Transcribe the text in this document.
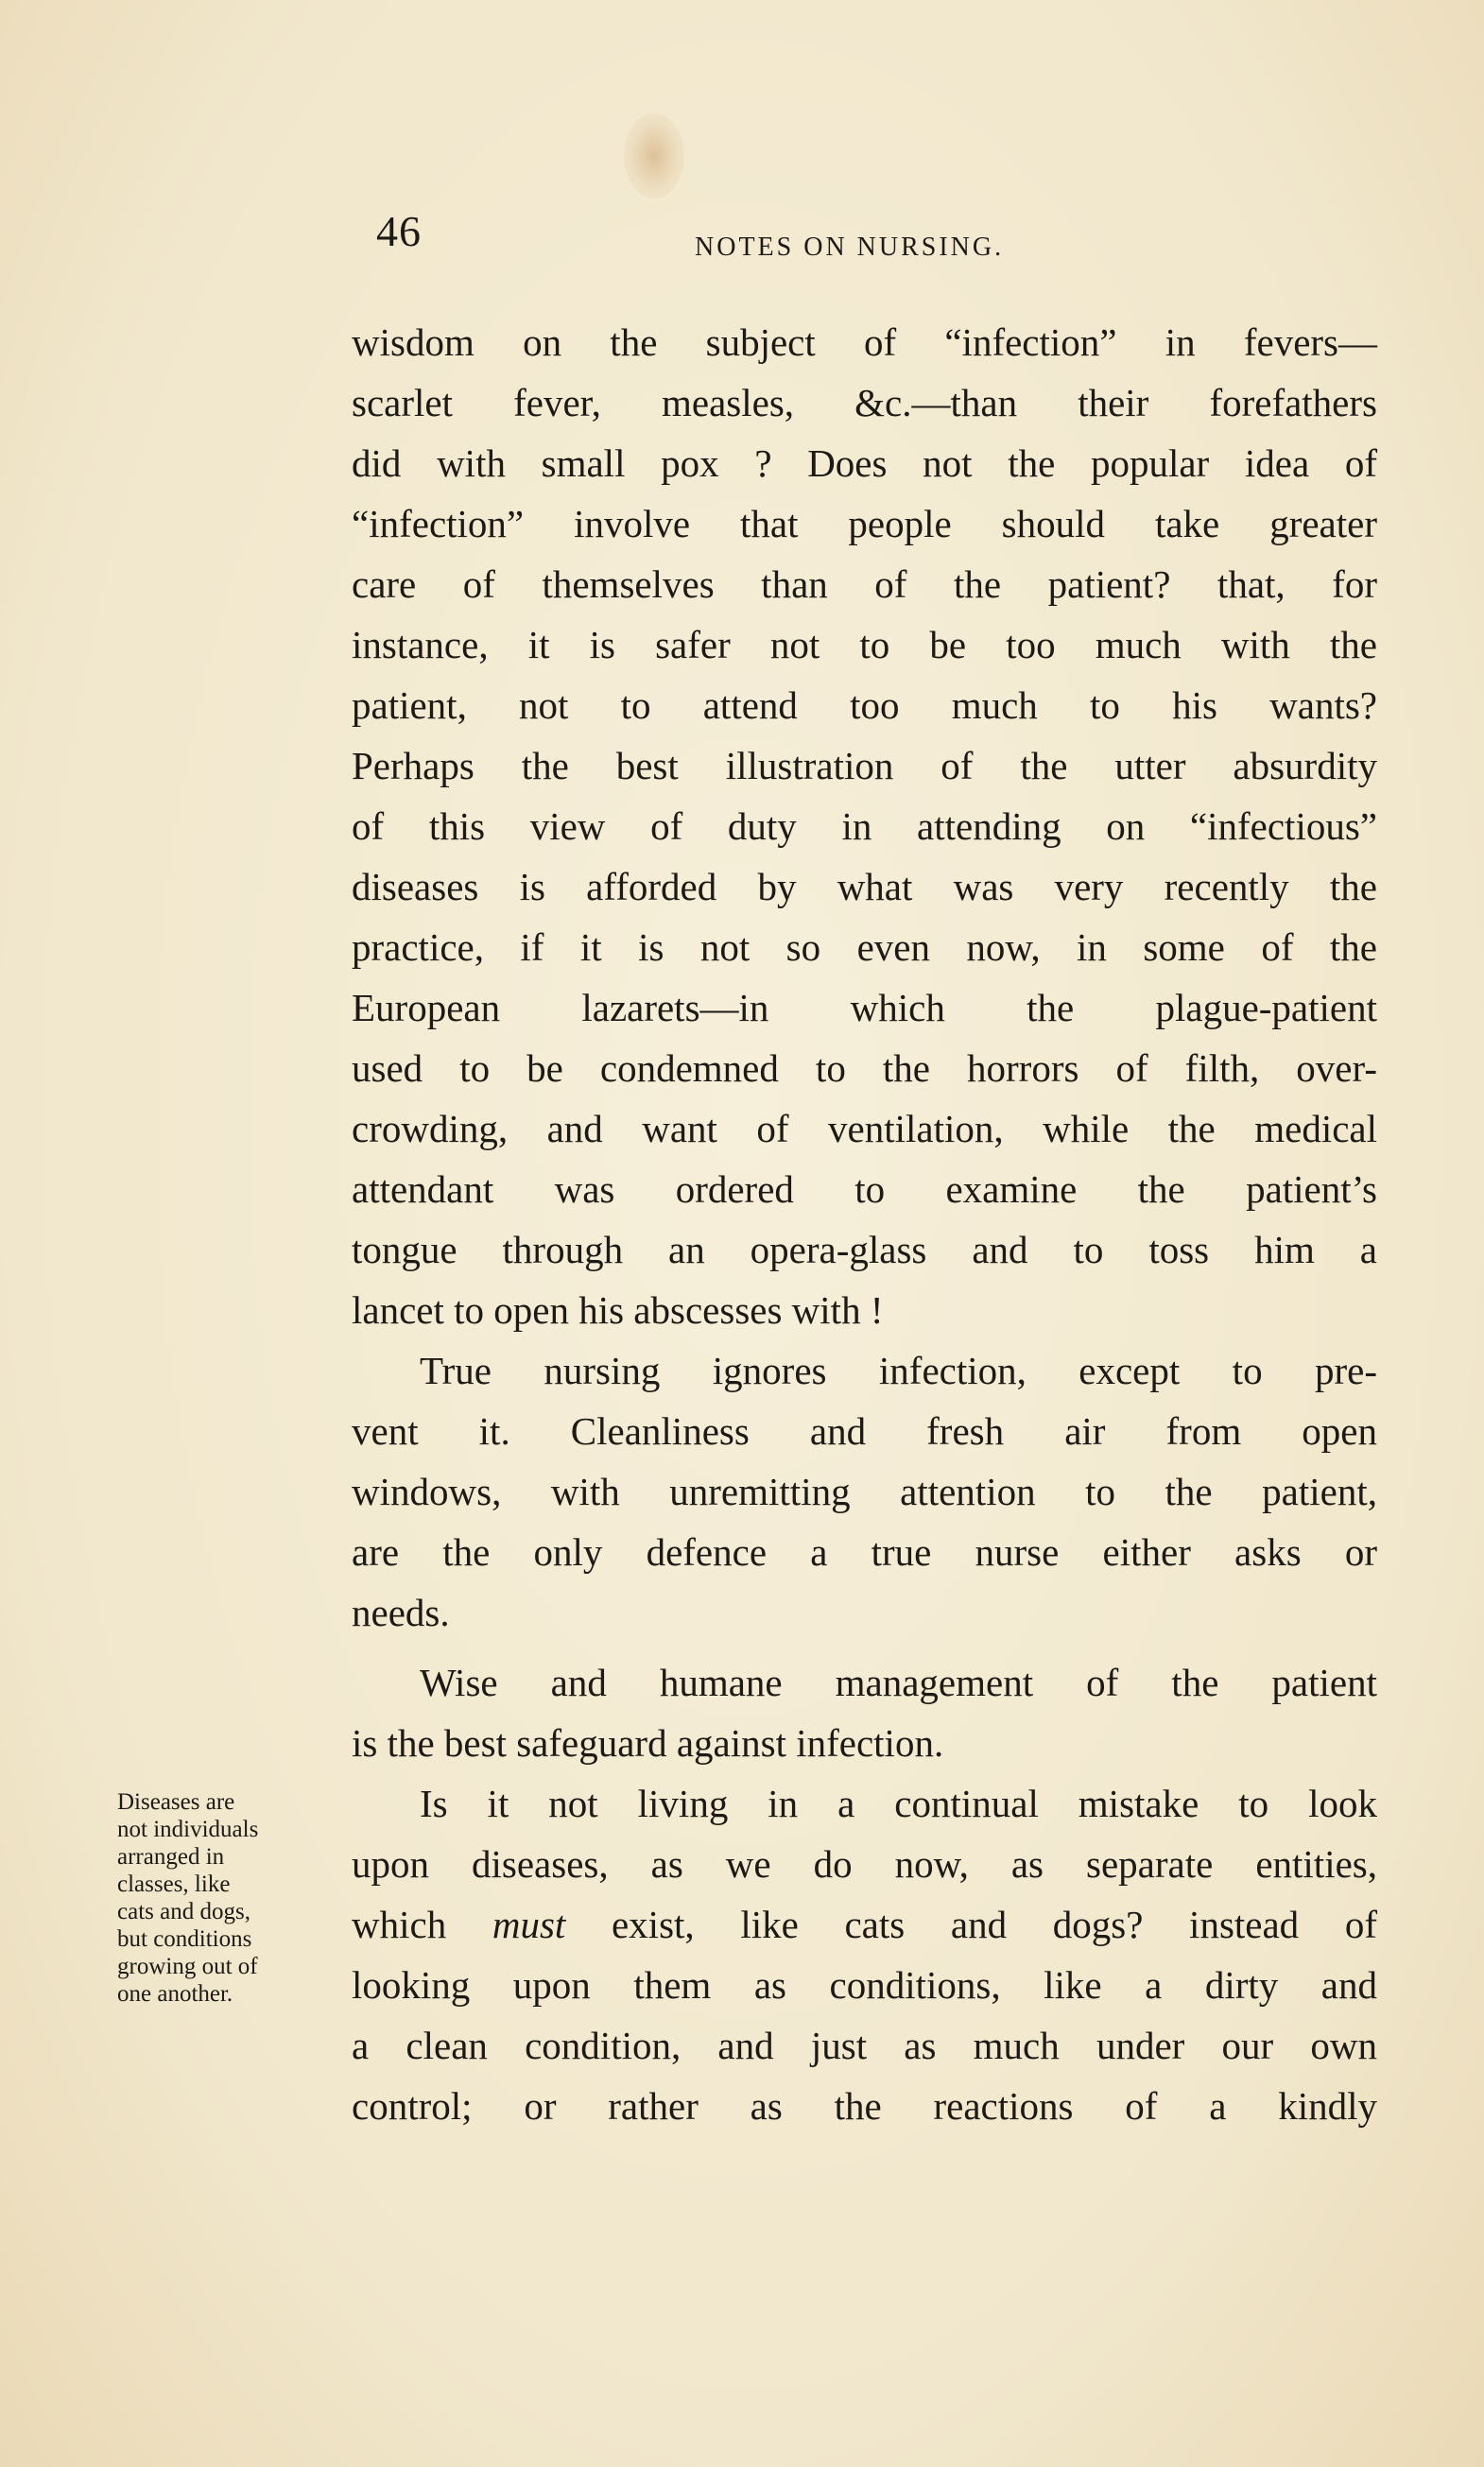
46	NOTES ON NURSING.
wisdom on the subject of “infection” in fevers—
scarlet fever, measles, &c.—than their forefathers
did with small pox ? Does not the popular idea of
“infection” involve that people should take greater
care of themselves than of the patient? that, for
instance, it is safer not to be too much with the
patient, not to attend too much to his wants?
Perhaps the best illustration of the utter absurdity
of this view of duty in attending on “infectious”
diseases is afforded by what was very recently the
practice, if it is not so even now, in some of the
European lazarets—in which the plague-patient
used to be condemned to the horrors of filth, over-
crowding, and want of ventilation, while the medical
attendant was ordered to examine the patient’s
tongue through an opera-glass and to toss him a
lancet to open his abscesses with !
True nursing ignores infection, except to pre-
vent it. Cleanliness and fresh air from open
windows, with unremitting attention to the patient,
are the only defence a true nurse either asks or
needs.
Wise and humane management of the patient
is the best safeguard against infection.
Is it not living in a continual mistake to look
upon diseases, as we do now, as separate entities,
which must exist, like cats and dogs? instead of
looking upon them as conditions, like a dirty and
a clean condition, and just as much under our own
control; or rather as the reactions of a kindly
Diseases are
not individuals
arranged in
classes, like
cats and dogs,
but conditions
growing out of
one another.
